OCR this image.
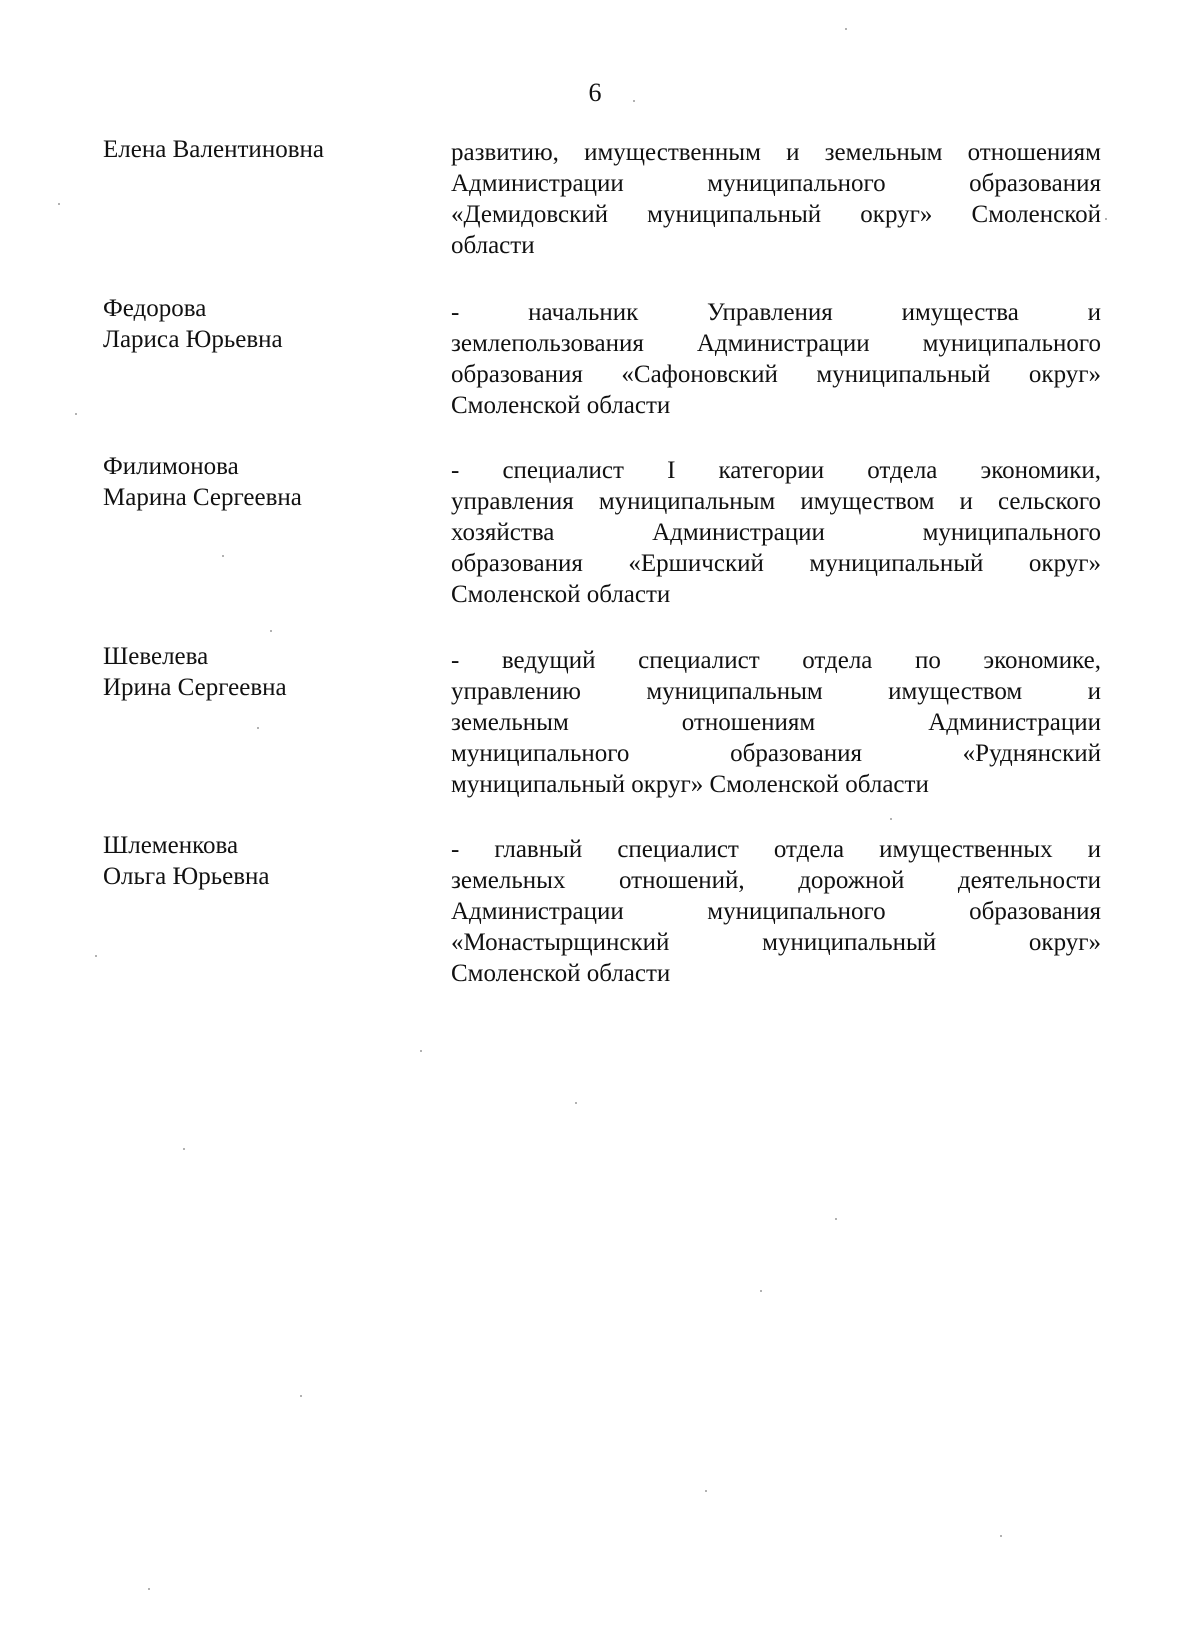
6
Елена Валентиновна	развитию, имущественным и земельным отношениям
Администрации муниципального образования
«Демидовский муниципальный округ» Смоленской
области
Федорова
Лариса Юрьевна
- начальник Управления имущества и
землепользования Администрации муниципального
образования «Сафоновский муниципальный округ»
Смоленской области
Филимонова
Марина Сергеевна
- специалист I категории отдела экономики,
управления муниципальным имуществом и сельского
хозяйства Администрации муниципального
образования «Ершичский муниципальный округ»
Смоленской области
Шевелева
Ирина Сергеевна
- ведущий специалист отдела по экономике,
управлению муниципальным имуществом и
земельным отношениям Администрации
муниципального образования «Руднянский
муниципальный округ» Смоленской области
Шлеменкова
Ольга Юрьевна
- главный специалист отдела имущественных и
земельных отношений, дорожной деятельности
Администрации муниципального образования
«Монастырщинский муниципальный округ»
Смоленской области
